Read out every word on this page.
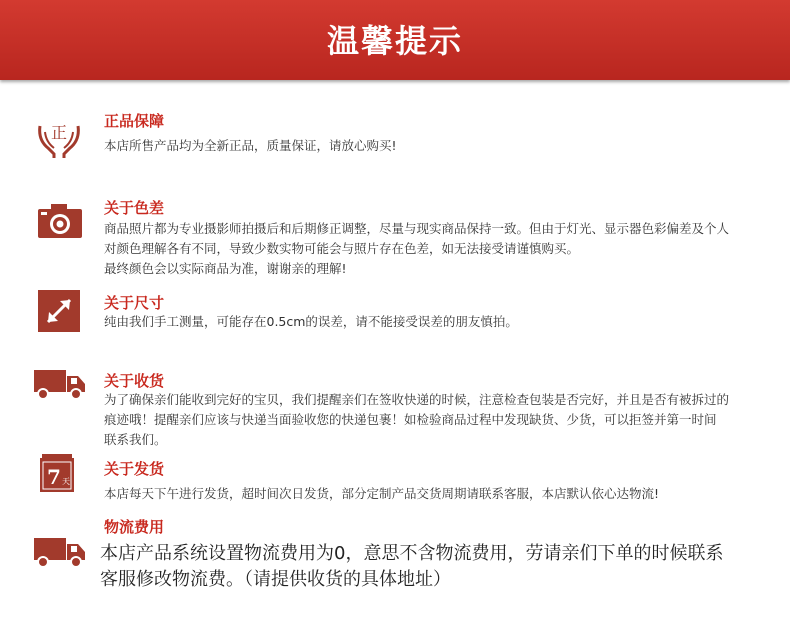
温馨提示
正
正品保障
本店所售产品均为全新正品，质量保证，请放心购买!
关于色差
商品照片都为专业摄影师拍摄后和后期修正调整，尽量与现实商品保持一致。但由于灯光、显示器色彩偏差及个人
对颜色理解各有不同，导致少数实物可能会与照片存在色差，如无法接受请谨慎购买。
最终颜色会以实际商品为准，谢谢亲的理解!
关于尺寸
纯由我们手工测量，可能存在0.5cm的误差，请不能接受误差的朋友慎拍。
关于收货
为了确保亲们能收到完好的宝贝，我们提醒亲们在签收快递的时候，注意检查包装是否完好，并且是否有被拆过的
痕迹哦！提醒亲们应该与快递当面验收您的快递包裹！如检验商品过程中发现缺货、少货，可以拒签并第一时间
联系我们。
7 天
关于发货
本店每天下午进行发货，超时间次日发货，部分定制产品交货周期请联系客服，本店默认依心达物流!
物流费用
本店产品系统设置物流费用为0，意思不含物流费用，劳请亲们下单的时候联系
客服修改物流费。（请提供收货的具体地址）
